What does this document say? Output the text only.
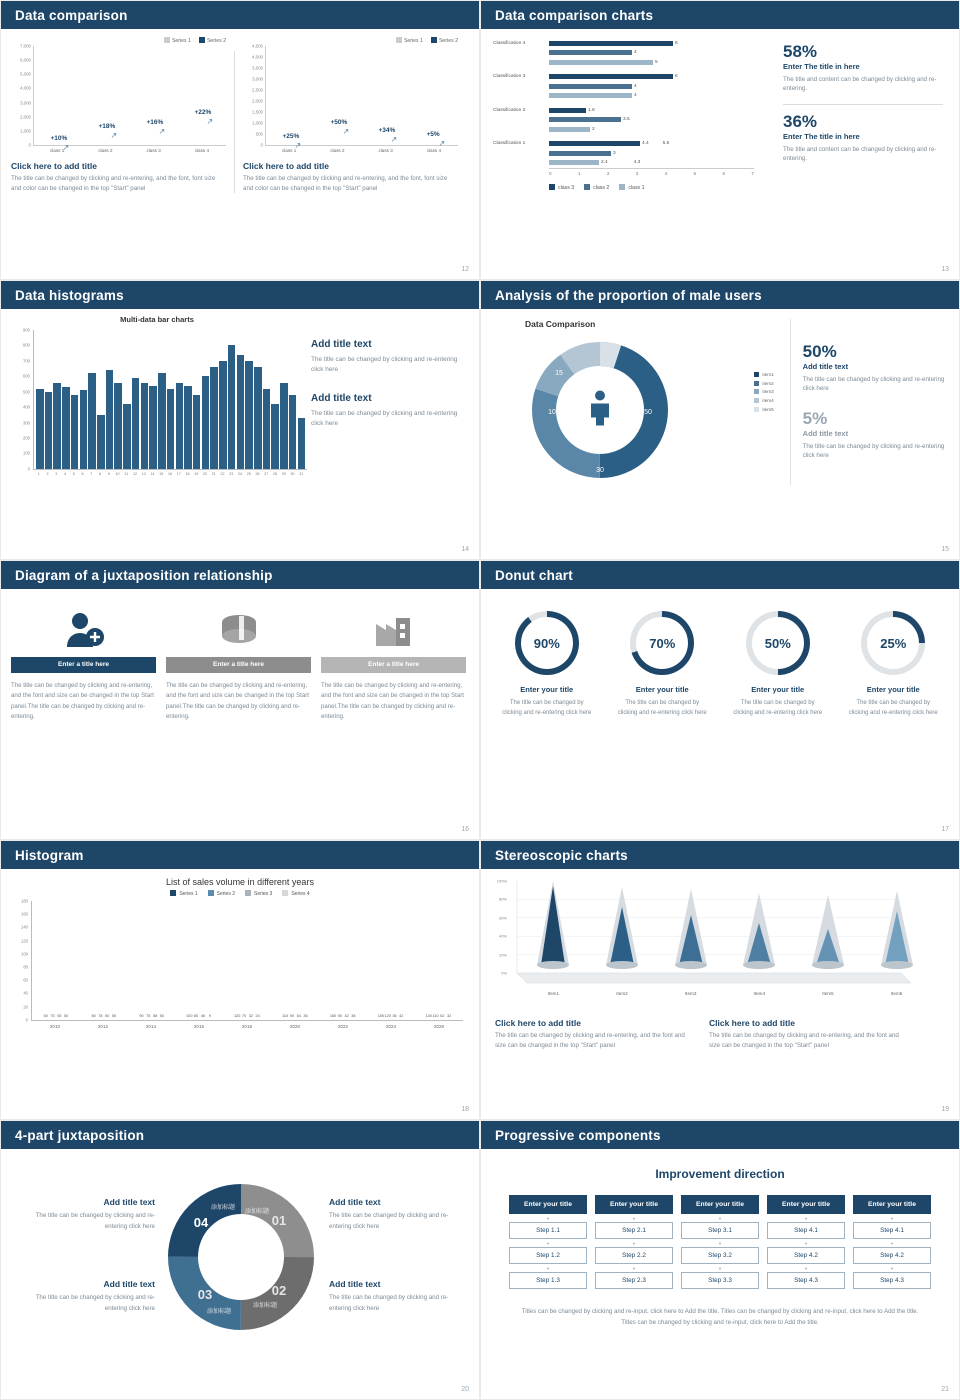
Data comparison
Series 1	Series 2
7,000
6,000
5,000
4,000
3,000
2,000
1,000
0
+10%
↗
+18%
↗
+16%
↗
+22%
↗
class 1	class 2	class 3	class 4
Click here to add title
The title can be changed by clicking and re-entering, and the font, font size and color can be changed in the top "Start" panel
Series 1	Series 2
4,500
4,000
3,500
3,000
2,500
2,000
1,500
1,000
500
0
+25%
↗
+50%
↗	+34%
↗
+5%
↗
class 1	class 2	class 3	class 4
Click here to add title
The title can be changed by clicking and re-entering, and the font, font size and color can be changed in the top "Start" panel
12
Data comparison charts
Classification 4	6
4
5
Classification 3	6
4
4
Classification 2	1.8
3.5
2
Classification 1	4.4	5.5
3
2.4	4.3
0	1	2	3	4	5	6	7
class 3	class 2	class 1
58%
Enter The title in here
The title and content can be changed by clicking and re-entering.
36%
Enter The title in here
The title and content can be changed by clicking and re-entering.
13
Data histograms
Multi-data bar charts
900
800
700
600
500
400
300
200
100
0
1	2	3	4	5	6	7	8	9	10	11	12	13	14	15	16	17	18	19	20	21	22	23	24	25	26	27	28	29	30	31
Add title text
The title can be changed by clicking and re-entering click here
Add title text
The title can be changed by clicking and re-entering click here
14
Analysis of the proportion of male users
Data Comparison
50
30
10
15	item1
item2
item3
item4
item5
50%
Add title text
The title can be changed by clicking and re-entering click here
5%
Add title text
The title can be changed by clicking and re-entering click here
15
Diagram of a juxtaposition relationship
Enter a title here

The title can be changed by clicking and re-entering, and the font and size can be changed in the top Start panel.The title can be changed by clicking and re-entering.

Enter a title here

The title can be changed by clicking and re-entering, and the font and size can be changed in the top Start panel.The title can be changed by clicking and re-entering.

Enter a title here

The title can be changed by clicking and re-entering, and the font and size can be changed in the top Start panel.The title can be changed by clicking and re-entering.

16
Donut chart
90%
Enter your title

The title can be changed by clicking and re-entering click here

70%
Enter your title

The title can be changed by clicking and re-entering click here

50%
Enter your title

The title can be changed by clicking and re-entering click here

25%
Enter your title

The title can be changed by clicking and re-entering click here

17
Histogram
List of sales volume in different years
Series 1	Series 2	Series 3	Series 4
180
160
140
120
100
80
60
40
20
0
60 75 55 50	80 78 60 55	90 75 58 50	100 80 46 9	120 70 32 24	110 90 54 36	160 95 42 38	150 120 36 42	130 110 62 32
2010	2012	2014	2016	2018	2020	2022	2024	2026
18
Stereoscopic charts
100%
80%
60%
40%
20%
0%
Item1	Item2	Item3	Item4	Item5	Item6
Click here to add title
The title can be changed by clicking and re-entering, and the font and size can be changed in the top "Start" panel
Click here to add title
The title can be changed by clicking and re-entering, and the font and size can be changed in the top "Start" panel
19
4-part juxtaposition
01
02
03
04
添加标题
添加标题
添加标题
添加标题
Add title text

The title can be changed by clicking and re-entering click here

Add title text

The title can be changed by clicking and re-entering click here

Add title text

The title can be changed by clicking and re-entering click here

Add title text

The title can be changed by clicking and re-entering click here

20
Progressive components
Improvement direction
Enter your title
▼
Step 1.1
▼
Step 1.2
▼
Step 1.3
Enter your title
▼
Step 2.1
▼
Step 2.2
▼
Step 2.3
Enter your title
▼
Step 3.1
▼
Step 3.2
▼
Step 3.3
Enter your title
▼
Step 4.1
▼
Step 4.2
▼
Step 4.3
Enter your title
▼
Step 4.1
▼
Step 4.2
▼
Step 4.3
Titles can be changed by clicking and re-input, click here to Add the title. Titles can be changed by clicking and re-input, click here to Add the title. Titles can be changed by clicking and re-input, click here to Add the title.
21
